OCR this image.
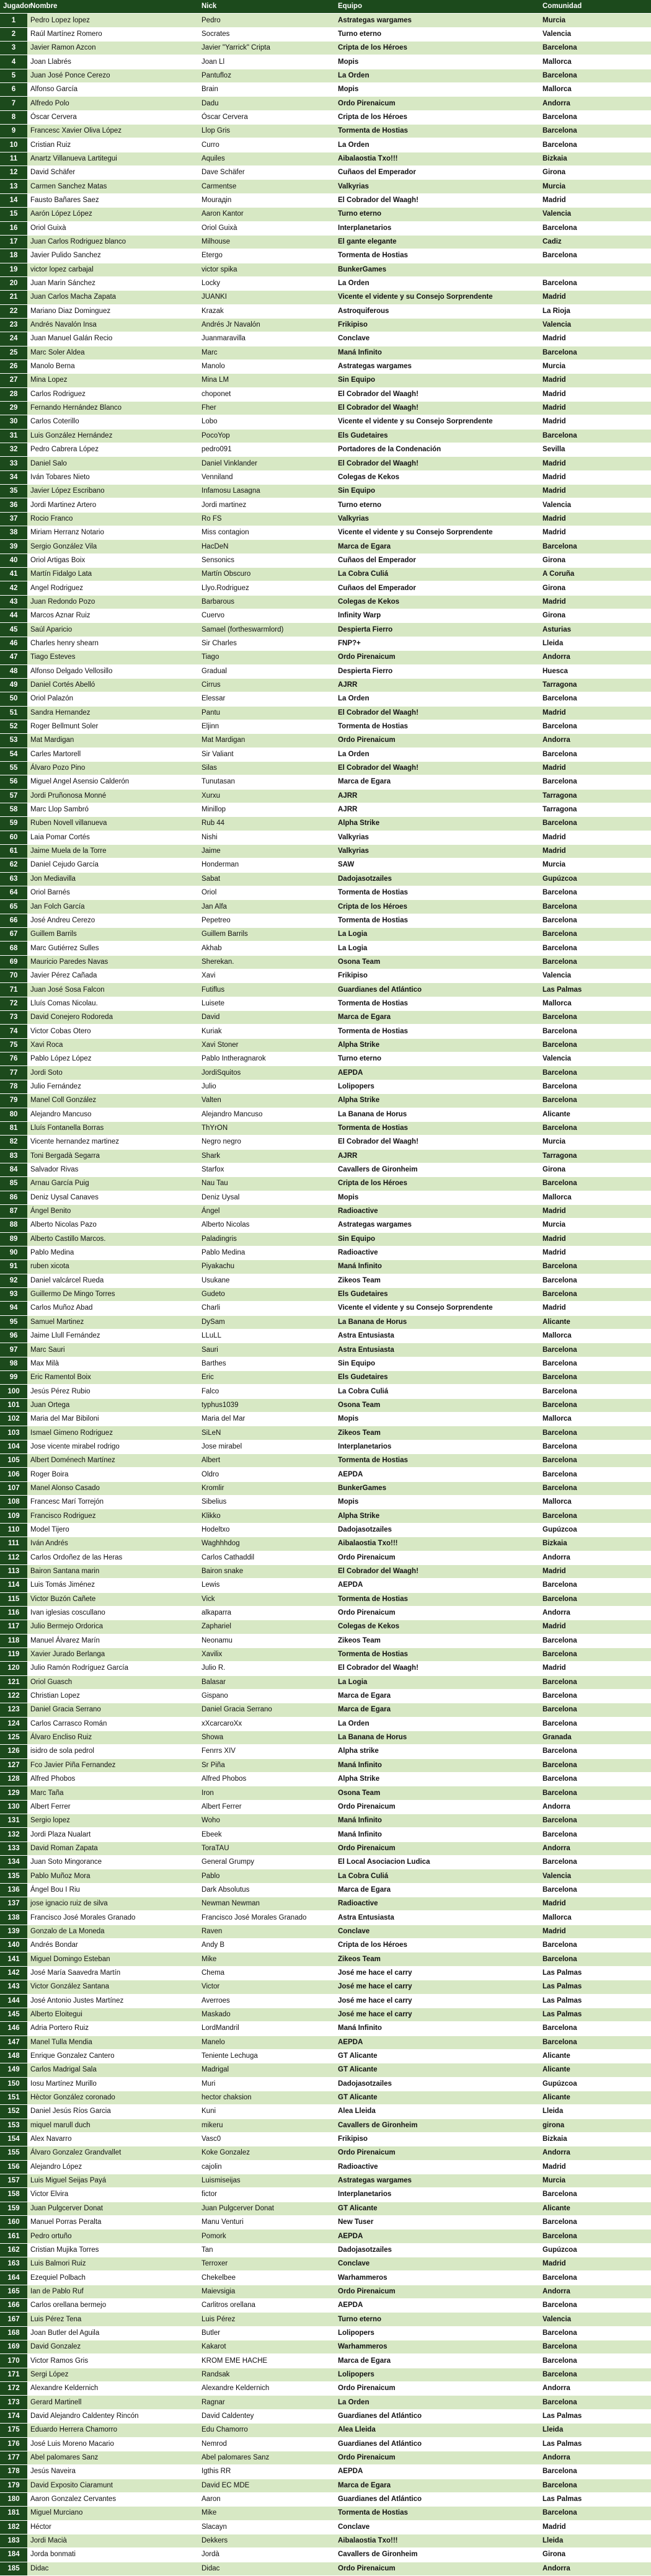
Jugador	Nombre	Nick	Equipo	Comunidad
1	Pedro Lopez lopez	Pedro	Astrategas wargames	Murcia
2	Raúl Martínez Romero	Socrates	Turno eterno	Valencia
3	Javier Ramon Azcon	Javier "Yarrick" Cripta	Cripta de los Héroes	Barcelona
4	Joan Llabrés	Joan Ll	Mopis	Mallorca
5	Juan José Ponce Cerezo	Pantufloz	La Orden	Barcelona
6	Alfonso García	Brain	Mopis	Mallorca
7	Alfredo Polo	Dadu	Ordo Pirenaicum	Andorra
8	Óscar Cervera	Óscar Cervera	Cripta de los Héroes	Barcelona
9	Francesc Xavier Oliva López	Llop Gris	Tormenta de Hostias	Barcelona
10	Cristian Ruiz	Curro	La Orden	Barcelona
11	Anartz Villanueva Lartitegui	Aquiles	Aibalaostia Txo!!!	Bizkaia
12	David Schäfer	Dave Schäfer	Cuñaos del Emperador	Girona
13	Carmen Sanchez Matas	Carmentse	Valkyrias	Murcia
14	Fausto Bañares Saez	Mourадin	El Cobrador del Waagh!	Madrid
15	Aarón López López	Aaron Kantor	Turno eterno	Valencia
16	Oriol Guixà	Oriol Guixà	Interplanetarios	Barcelona
17	Juan Carlos Rodriguez blanco	Milhouse	El gante elegante	Cadiz
18	Javier Pulido Sanchez	Etergo	Tormenta de Hostias	Barcelona
19	victor lopez carbajal	victor spika	BunkerGames	
20	Juan Marin Sánchez	Locky	La Orden	Barcelona
21	Juan Carlos Macha Zapata	JUANKI	Vicente el vidente y su Consejo Sorprendente	Madrid
22	Mariano Diaz Dominguez	Krazak	Astroquiferous	La Rioja
23	Andrés Navalón Insa	Andrés Jr Navalón	Frikipiso	Valencia
24	Juan Manuel Galán Recio	Juanmaravilla	Conclave	Madrid
25	Marc Soler Aldea	Marc	Maná Infinito	Barcelona
26	Manolo Berna	Manolo	Astrategas wargames	Murcia
27	Mina Lopez	Mina LM	Sin Equipo	Madrid
28	Carlos Rodriguez	choponet	El Cobrador del Waagh!	Madrid
29	Fernando Hernández Blanco	Fher	El Cobrador del Waagh!	Madrid
30	Carlos Coterillo	Lobo	Vicente el vidente y su Consejo Sorprendente	Madrid
31	Luis González Hernández	PocoYop	Els Gudetaires	Barcelona
32	Pedro Cabrera López	pedro091	Portadores de la Condenación	Sevilla
33	Daniel Salo	Daniel Vinklander	El Cobrador del Waagh!	Madrid
34	Iván Tobares Nieto	Venniland	Colegas de Kekos	Madrid
35	Javier López Escribano	Infamosu Lasagna	Sin Equipo	Madrid
36	Jordi Martinez Artero	Jordi martinez	Turno eterno	Valencia
37	Rocio Franco	Ro FS	Valkyrias	Madrid
38	Miriam Herranz Notario	Miss contagion	Vicente el vidente y su Consejo Sorprendente	Madrid
39	Sergio González Vila	HacDeN	Marca de Egara	Barcelona
40	Oriol Artigas Boix	Sensonics	Cuñaos del Emperador	Girona
41	Martín Fidalgo Lata	Martín Obscuro	La Cobra Culiá	A Coruña
42	Angel Rodriguez	Llyo.Rodriguez	Cuñaos del Emperador	Girona
43	Juan Redondo Pozo	Barbarous	Colegas de Kekos	Madrid
44	Marcos Aznar Ruiz	Cuervo	Infinity Warp	Girona
45	Saúl Aparicio	Samael (fortheswarmlord)	Despierta Fierro	Asturias
46	Charles henry shearn	Sir Charles	FNP?+	Lleida
47	Tiago Esteves	Tiago	Ordo Pirenaicum	Andorra
48	Alfonso Delgado Vellosillo	Gradual	Despierta Fierro	Huesca
49	Daniel Cortés Abelló	Cirrus	AJRR	Tarragona
50	Oriol Palazón	Elessar	La Orden	Barcelona
51	Sandra Hernandez	Pantu	El Cobrador del Waagh!	Madrid
52	Roger Bellmunt Soler	Eljinn	Tormenta de Hostias	Barcelona
53	Mat Mardigan	Mat Mardigan	Ordo Pirenaicum	Andorra
54	Carles Martorell	Sir Valiant	La Orden	Barcelona
55	Álvaro Pozo Pino	Silas	El Cobrador del Waagh!	Madrid
56	Miguel Angel Asensio Calderón	Tunutasan	Marca de Egara	Barcelona
57	Jordi Pruñonosa Monné	Xurxu	AJRR	Tarragona
58	Marc Llop Sambró	Minillop	AJRR	Tarragona
59	Ruben Novell villanueva	Rub 44	Alpha Strike	Barcelona
60	Laia Pomar Cortés	Nishi	Valkyrias	Madrid
61	Jaime Muela de la Torre	Jaime	Valkyrias	Madrid
62	Daniel Cejudo García	Honderman	SAW	Murcia
63	Jon Mediavilla	Sabat	Dadojasotzailes	Gupúzcoa
64	Oriol Barnés	Oriol	Tormenta de Hostias	Barcelona
65	Jan Folch García	Jan Alfa	Cripta de los Héroes	Barcelona
66	José Andreu Cerezo	Pepetreo	Tormenta de Hostias	Barcelona
67	Guillem Barrils	Guillem Barrils	La Logia	Barcelona
68	Marc Gutiérrez Sulles	Akhab	La Logia	Barcelona
69	Mauricio Paredes Navas	Sherekan.	Osona Team	Barcelona
70	Javier Pérez Cañada	Xavi	Frikipiso	Valencia
71	Juan José Sosa Falcon	Futiflus	Guardianes del Atlántico	Las Palmas
72	Lluís Comas Nicolau.	Luisete	Tormenta de Hostias	Mallorca
73	David Conejero Rodoreda	David	Marca de Egara	Barcelona
74	Victor Cobas Otero	Kuriak	Tormenta de Hostias	Barcelona
75	Xavi Roca	Xavi Stoner	Alpha Strike	Barcelona
76	Pablo López López	Pablo Intheragnarok	Turno eterno	Valencia
77	Jordi Soto	JordiSquitos	AEPDA	Barcelona
78	Julio Fernández	Julio	Lolipopers	Barcelona
79	Manel Coll González	Valten	Alpha Strike	Barcelona
80	Alejandro Mancuso	Alejandro Mancuso	La Banana de Horus	Alicante
81	Lluís Fontanella Borras	ThYrON	Tormenta de Hostias	Barcelona
82	Vicente hernandez martinez	Negro negro	El Cobrador del Waagh!	Murcia
83	Toni Bergadà Segarra	Shark	AJRR	Tarragona
84	Salvador Rivas	Starfox	Cavallers de Gironheim	Girona
85	Arnau García Puig	Nau Tau	Cripta de los Héroes	Barcelona
86	Deniz Uysal Canaves	Deniz Uysal	Mopis	Mallorca
87	Ángel Benito	Ángel	Radioactive	Madrid
88	Alberto Nicolas Pazo	Alberto Nicolas	Astrategas wargames	Murcia
89	Alberto Castillo Marcos.	Paladingris	Sin Equipo	Madrid
90	Pablo Medina	Pablo Medina	Radioactive	Madrid
91	ruben xicota	Piyakachu	Maná Infinito	Barcelona
92	Daniel valcárcel Rueda	Usukane	Zikeos Team	Barcelona
93	Guillermo De Mingo Torres	Gudeto	Els Gudetaires	Barcelona
94	Carlos Muñoz Abad	Charli	Vicente el vidente y su Consejo Sorprendente	Madrid
95	Samuel Martinez	DySam	La Banana de Horus	Alicante
96	Jaime Llull Fernández	LLuLL	Astra Entusiasta	Mallorca
97	Marc Sauri	Sauri	Astra Entusiasta	Barcelona
98	Max Milà	Barthes	Sin Equipo	Barcelona
99	Eric Ramentol Boix	Eric	Els Gudetaires	Barcelona
100	Jesús Pérez Rubio	Falco	La Cobra Culiá	Barcelona
101	Juan Ortega	typhus1039	Osona Team	Barcelona
102	Maria del Mar Bibiloni	Maria del Mar	Mopis	Mallorca
103	Ismael Gimeno Rodriguez	SiLeN	Zikeos Team	Barcelona
104	Jose vicente mirabel rodrigo	Jose mirabel	Interplanetarios	Barcelona
105	Albert Doménech Martínez	Albert	Tormenta de Hostias	Barcelona
106	Roger Boira	Oldro	AEPDA	Barcelona
107	Manel Alonso Casado	Kromlir	BunkerGames	Barcelona
108	Francesc Marí Torrejón	Sibelius	Mopis	Mallorca
109	Francisco Rodriguez	Klikko	Alpha Strike	Barcelona
110	Model Tijero	Hodeltxo	Dadojasotzailes	Gupúzcoa
111	Iván Andrés	Waghhhdog	Aibalaostia Txo!!!	Bizkaia
112	Carlos Ordoñez de las Heras	Carlos Cathaddil	Ordo Pirenaicum	Andorra
113	Bairon Santana marin	Bairon snake	El Cobrador del Waagh!	Madrid
114	Luis Tomás Jiménez	Lewis	AEPDA	Barcelona
115	Victor Buzón Cañete	Vick	Tormenta de Hostias	Barcelona
116	Ivan iglesias coscullano	alkaparra	Ordo Pirenaicum	Andorra
117	Julio Bermejo Ordorica	Zaphariel	Colegas de Kekos	Madrid
118	Manuel Álvarez Marín	Neonamu	Zikeos Team	Barcelona
119	Xavier Jurado Berlanga	Xavilix	Tormenta de Hostias	Barcelona
120	Julio Ramón Rodríguez García	Julio R.	El Cobrador del Waagh!	Madrid
121	Oriol Guasch	Balasar	La Logia	Barcelona
122	Christian Lopez	Gispano	Marca de Egara	Barcelona
123	Daniel Gracia Serrano	Daniel Gracia Serrano	Marca de Egara	Barcelona
124	Carlos Carrasco Román	xXcarcaroXx	La Orden	Barcelona
125	Álvaro Encliso Ruiz	Showa	La Banana de Horus	Granada
126	isidro de sola pedrol	Fenrrs XIV	Alpha strike	Barcelona
127	Fco Javier Piña Fernandez	Sr Piña	Maná Infinito	Barcelona
128	Alfred Phobos	Alfred Phobos	Alpha Strike	Barcelona
129	Marc Taña	Iron	Osona Team	Barcelona
130	Albert Ferrer	Albert Ferrer	Ordo Pirenaicum	Andorra
131	Sergio lopez	Woho	Maná Infinito	Barcelona
132	Jordi Plaza Nualart	Ebeek	Maná Infinito	Barcelona
133	David Roman Zapata	ToraTAU	Ordo Pirenaicum	Andorra
134	Juan Soto Mingorance	General Grumpy	El Local Asociacion Ludica	Barcelona
135	Pablo Muñoz Mora	Pablo	La Cobra Culiá	Valencia
136	Ángel Bou I Riu	Dark Absolutus	Marca de Egara	Barcelona
137	jose ignacio ruiz de silva	Newman Newman	Radioactive	Madrid
138	Francisco José Morales Granado	Francisco José Morales Granado	Astra Entusiasta	Mallorca
139	Gonzalo de La Moneda	Raven	Conclave	Madrid
140	Andrés Bondar	Andy B	Cripta de los Héroes	Barcelona
141	Miguel Domingo Esteban	Mike	Zikeos Team	Barcelona
142	José María Saavedra Martín	Chema	José me hace el carry	Las Palmas
143	Victor González Santana	Victor	José me hace el carry	Las Palmas
144	José Antonio Justes Martínez	Averroes	José me hace el carry	Las Palmas
145	Alberto Eloitegui	Maskado	José me hace el carry	Las Palmas
146	Adria Portero Ruiz	LordMandril	Maná Infinito	Barcelona
147	Manel Tulla Mendia	Manelo	AEPDA	Barcelona
148	Enrique Gonzalez Cantero	Teniente Lechuga	GT Alicante	Alicante
149	Carlos Madrigal Sala	Madrigal	GT Alicante	Alicante
150	Iosu Martínez Murillo	Muri	Dadojasotzailes	Gupúzcoa
151	Hèctor González coronado	hector chaksion	GT Alicante	Alicante
152	Daniel Jesús Ríos Garcia	Kuni	Alea Lleida	Lleida
153	miquel marull duch	mikeru	Cavallers de Gironheim	girona
154	Alex Navarro	Vasc0	Frikipiso	Bizkaia
155	Álvaro Gonzalez Grandvallet	Koke Gonzalez	Ordo Pirenaicum	Andorra
156	Alejandro López	cajolin	Radioactive	Madrid
157	Luis Miguel Seijas Payá	Luismiseijas	Astrategas wargames	Murcia
158	Victor Elvira	fictor	Interplanetarios	Barcelona
159	Juan Pulgcerver Donat	Juan Pulgcerver Donat	GT Alicante	Alicante
160	Manuel Porras Peralta	Manu Venturi	New Tuser	Barcelona
161	Pedro ortuño	Pomork	AEPDA	Barcelona
162	Cristian Mujika Torres	Tan	Dadojasotzailes	Gupúzcoa
163	Luis Balmori Ruiz	Terroxer	Conclave	Madrid
164	Ezequiel Polbach	Chekelbee	Warhammeros	Barcelona
165	Ian de Pablo Ruf	Maievsigia	Ordo Pirenaicum	Andorra
166	Carlos orellana bermejo	Carlitros orellana	AEPDA	Barcelona
167	Luis Pérez Tena	Luis Pérez	Turno eterno	Valencia
168	Joan Butler del Aguila	Butler	Lolipopers	Barcelona
169	David Gonzalez	Kakarot	Warhammeros	Barcelona
170	Victor Ramos Gris	KROM EME HACHE	Marca de Egara	Barcelona
171	Sergi López	Randsak	Lolipopers	Barcelona
172	Alexandre Keldernich	Alexandre Keldernich	Ordo Pirenaicum	Andorra
173	Gerard Martinell	Ragnar	La Orden	Barcelona
174	David Alejandro Caldentey Rincón	David Caldentey	Guardianes del Atlántico	Las Palmas
175	Eduardo Herrera Chamorro	Edu Chamorro	Alea Lleida	Lleida
176	José Luis Moreno Macario	Nemrod	Guardianes del Atlántico	Las Palmas
177	Abel palomares Sanz	Abel palomares Sanz	Ordo Pirenaicum	Andorra
178	Jesús Naveira	Igthis RR	AEPDA	Barcelona
179	David Exposito Ciaramunt	David EC MDE	Marca de Egara	Barcelona
180	Aaron Gonzalez Cervantes	Aaron	Guardianes del Atlántico	Las Palmas
181	Miguel Murciano	Mike	Tormenta de Hostias	Barcelona
182	Héctor	Slacayn	Conclave	Madrid
183	Jordi Macià	Dekkers	Aibalaostia Txo!!!	Lleida
184	Jorda bonmati	Jordà	Cavallers de Gironheim	Girona
185	Didac	Didac	Ordo Pirenaicum	Andorra
